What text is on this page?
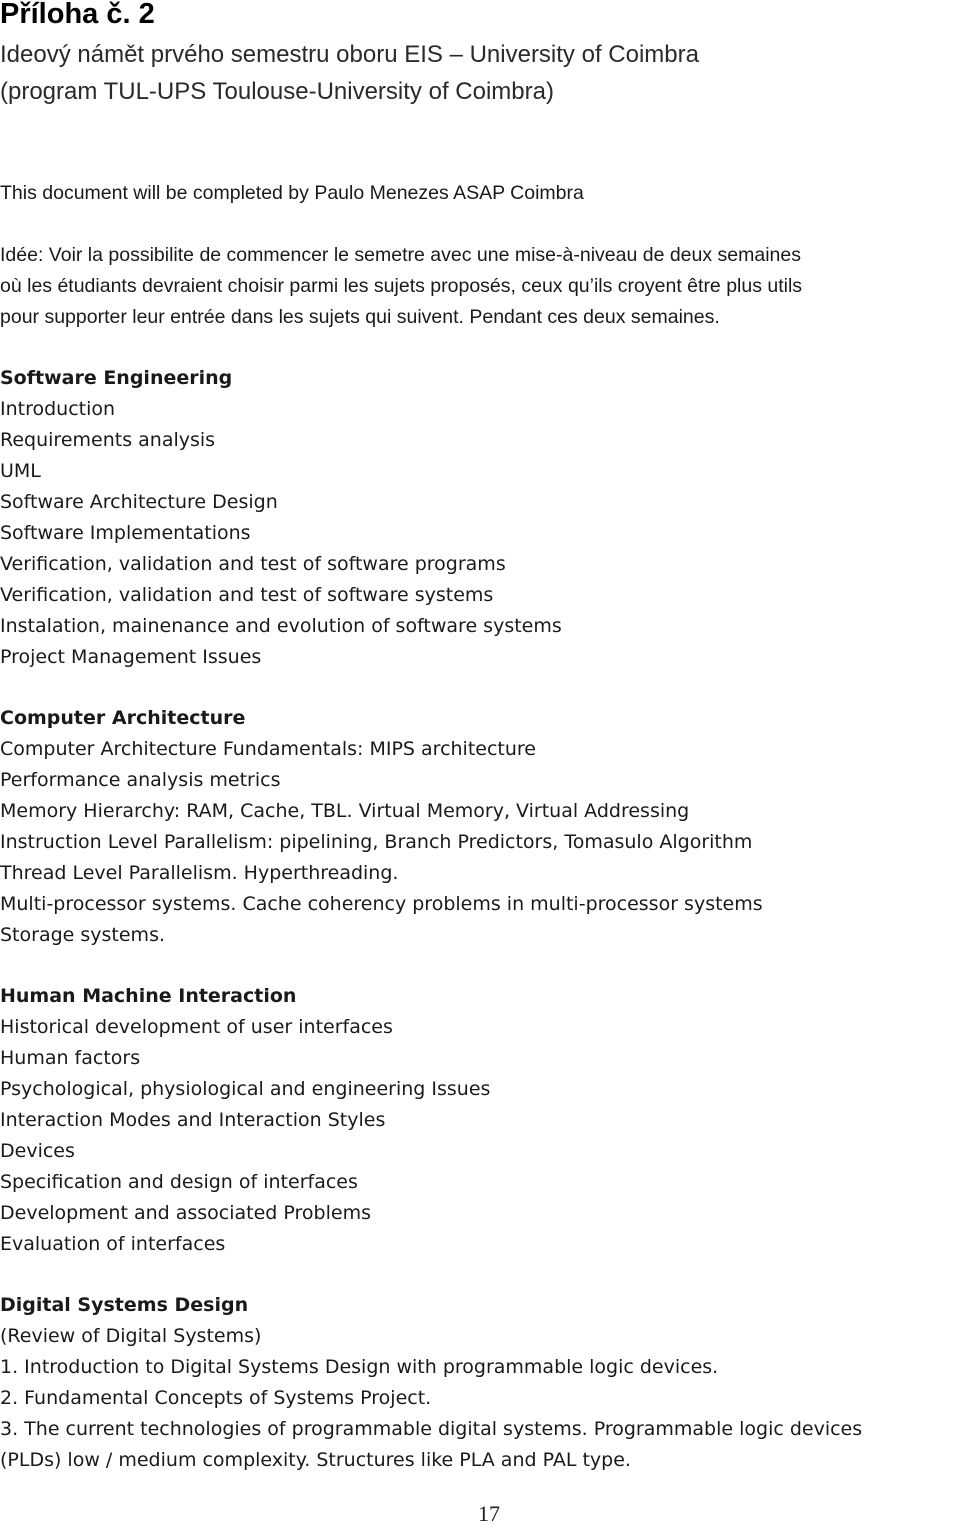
Příloha č. 2
Ideový námět prvého semestru oboru EIS – University of Coimbra
(program TUL-UPS Toulouse-University of Coimbra)
This document will be completed by Paulo Menezes ASAP Coimbra
Idée: Voir la possibilite de commencer le semetre avec une mise-à-niveau de deux semaines
où les étudiants devraient choisir parmi les sujets proposés, ceux qu’ils croyent être plus utils
pour supporter leur entrée dans les sujets qui suivent. Pendant ces deux semaines.
Software Engineering
Introduction
Requirements analysis
UML
Software Architecture Design
Software Implementations
Verification, validation and test of software programs
Verification, validation and test of software systems
Instalation, mainenance and evolution of software systems
Project Management Issues
Computer Architecture
Computer Architecture Fundamentals: MIPS architecture
Performance analysis metrics
Memory Hierarchy: RAM, Cache, TBL. Virtual Memory, Virtual Addressing
Instruction Level Parallelism: pipelining, Branch Predictors, Tomasulo Algorithm
Thread Level Parallelism. Hyperthreading.
Multi-processor systems. Cache coherency problems in multi-processor systems
Storage systems.
Human Machine Interaction
Historical development of user interfaces
Human factors
Psychological, physiological and engineering Issues
Interaction Modes and Interaction Styles
Devices
Specification and design of interfaces
Development and associated Problems
Evaluation of interfaces
Digital Systems Design
(Review of Digital Systems)
1. Introduction to Digital Systems Design with programmable logic devices.
2. Fundamental Concepts of Systems Project.
3. The current technologies of programmable digital systems. Programmable logic devices
(PLDs) low / medium complexity. Structures like PLA and PAL type.
17
